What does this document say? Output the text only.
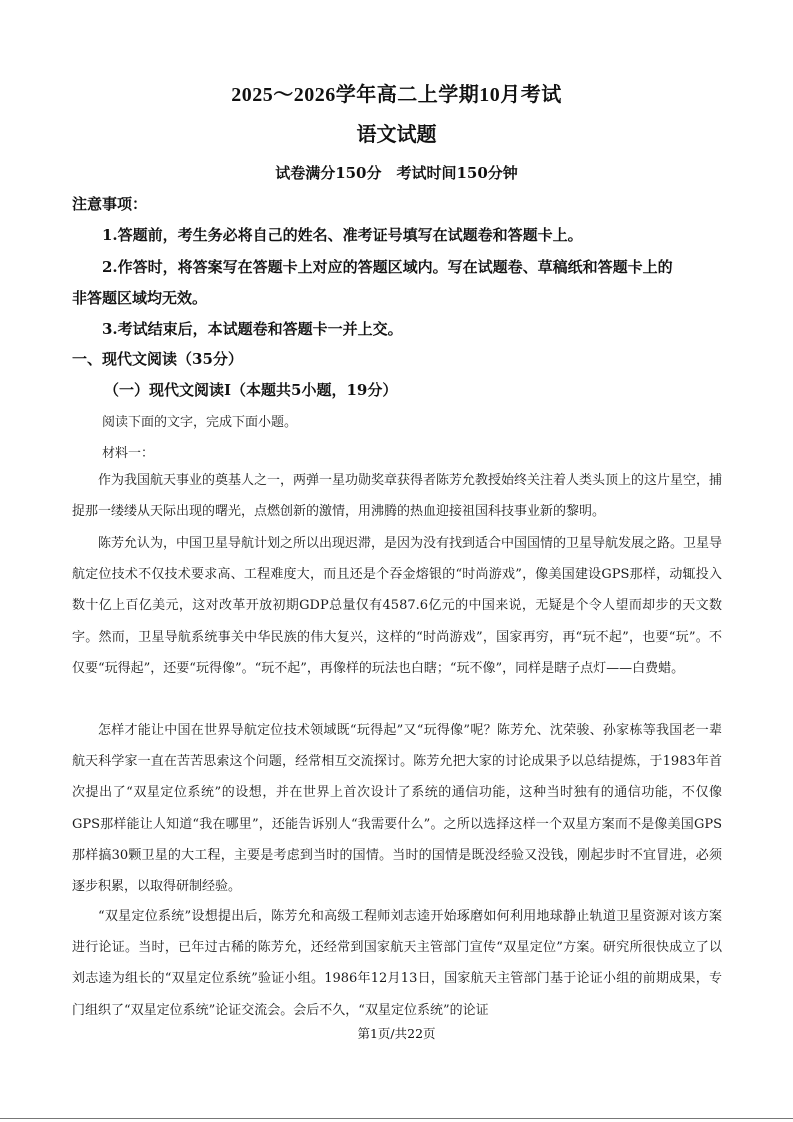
2025～2026学年高二上学期10月考试
语文试题
试卷满分150分　考试时间150分钟
注意事项：
1.答题前，考生务必将自己的姓名、准考证号填写在试题卷和答题卡上。
2.作答时，将答案写在答题卡上对应的答题区域内。写在试题卷、草稿纸和答题卡上的
非答题区域均无效。
3.考试结束后，本试题卷和答题卡一并上交。
一、现代文阅读（35分）
（一）现代文阅读Ⅰ（本题共5小题，19分）
阅读下面的文字，完成下面小题。
材料一：

作为我国航天事业的奠基人之一，两弹一星功勋奖章获得者陈芳允教授始终关注着人类头顶上的这片星空，捕捉那一缕缕从天际出现的曙光，点燃创新的激情，用沸腾的热血迎接祖国科技事业新的黎明。

陈芳允认为，中国卫星导航计划之所以出现迟滞，是因为没有找到适合中国国情的卫星导航发展之路。卫星导航定位技术不仅技术要求高、工程难度大，而且还是个吞金熔银的“时尚游戏”，像美国建设GPS那样，动辄投入数十亿上百亿美元，这对改革开放初期GDP总量仅有4587.6亿元的中国来说，无疑是个令人望而却步的天文数字。然而，卫星导航系统事关中华民族的伟大复兴，这样的“时尚游戏”，国家再穷，再“玩不起”，也要“玩”。不仅要“玩得起”，还要“玩得像”。“玩不起”，再像样的玩法也白瞎；“玩不像”，同样是瞎子点灯——白费蜡。

怎样才能让中国在世界导航定位技术领域既“玩得起”又“玩得像”呢？陈芳允、沈荣骏、孙家栋等我国老一辈航天科学家一直在苦苦思索这个问题，经常相互交流探讨。陈芳允把大家的讨论成果予以总结提炼，于1983年首次提出了“双星定位系统”的设想，并在世界上首次设计了系统的通信功能，这种当时独有的通信功能，不仅像GPS那样能让人知道“我在哪里”，还能告诉别人“我需要什么”。之所以选择这样一个双星方案而不是像美国GPS那样搞30颗卫星的大工程，主要是考虑到当时的国情。当时的国情是既没经验又没钱，刚起步时不宜冒进，必须逐步积累，以取得研制经验。

“双星定位系统”设想提出后，陈芳允和高级工程师刘志逵开始琢磨如何利用地球静止轨道卫星资源对该方案进行论证。当时，已年过古稀的陈芳允，还经常到国家航天主管部门宣传“双星定位”方案。研究所很快成立了以刘志逵为组长的“双星定位系统”验证小组。1986年12月13日，国家航天主管部门基于论证小组的前期成果，专门组织了“双星定位系统”论证交流会。会后不久，“双星定位系统”的论证

第1页/共22页
